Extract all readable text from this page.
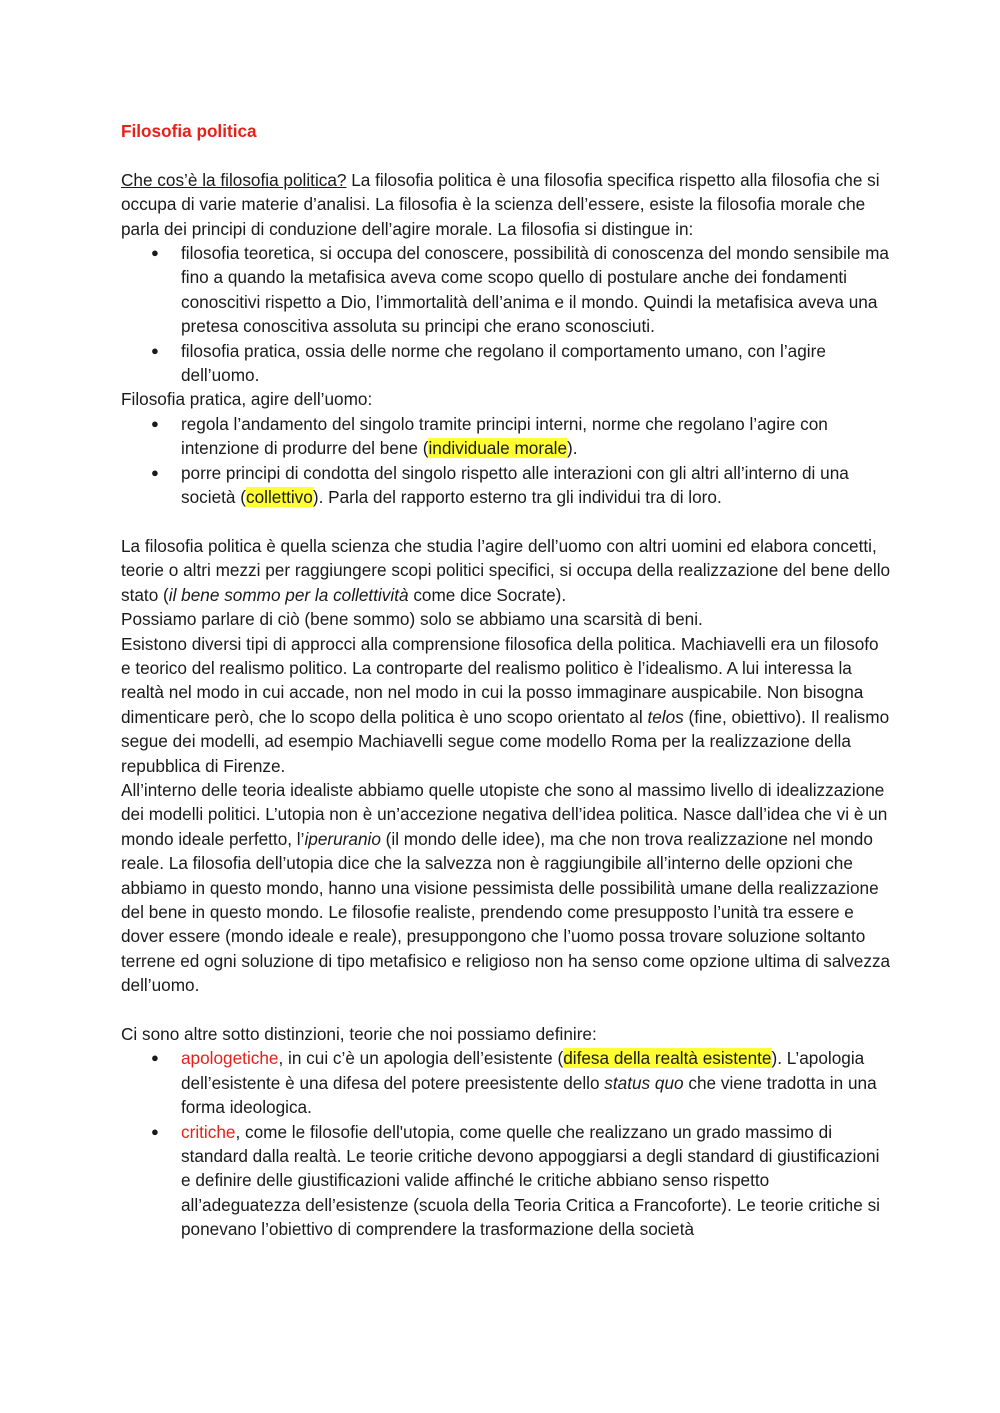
Filosofia politica

Che cos’è la filosofia politica? La filosofia politica è una filosofia specifica rispetto alla filosofia che si occupa di varie materie d’analisi. La filosofia è la scienza dell’essere, esiste la filosofia morale che parla dei principi di conduzione dell’agire morale. La filosofia si distingue in:

● filosofia teoretica, si occupa del conoscere, possibilità di conoscenza del mondo sensibile ma fino a quando la metafisica aveva come scopo quello di postulare anche dei fondamenti conoscitivi rispetto a Dio, l’immortalità dell’anima e il mondo. Quindi la metafisica aveva una pretesa conoscitiva assoluta su principi che erano sconosciuti.
● filosofia pratica, ossia delle norme che regolano il comportamento umano, con l’agire dell’uomo.

Filosofia pratica, agire dell’uomo:

● regola l’andamento del singolo tramite principi interni, norme che regolano l’agire con intenzione di produrre del bene (individuale morale).
● porre principi di condotta del singolo rispetto alle interazioni con gli altri all’interno di una società (collettivo). Parla del rapporto esterno tra gli individui tra di loro.

La filosofia politica è quella scienza che studia l’agire dell’uomo con altri uomini ed elabora concetti, teorie o altri mezzi per raggiungere scopi politici specifici, si occupa della realizzazione del bene dello stato (il bene sommo per la collettività come dice Socrate).

Possiamo parlare di ciò (bene sommo) solo se abbiamo una scarsità di beni.

Esistono diversi tipi di approcci alla comprensione filosofica della politica. Machiavelli era un filosofo e teorico del realismo politico. La controparte del realismo politico è l’idealismo. A lui interessa la realtà nel modo in cui accade, non nel modo in cui la posso immaginare auspicabile. Non bisogna dimenticare però, che lo scopo della politica è uno scopo orientato al telos (fine, obiettivo). Il realismo segue dei modelli, ad esempio Machiavelli segue come modello Roma per la realizzazione della repubblica di Firenze.

All’interno delle teoria idealiste abbiamo quelle utopiste che sono al massimo livello di idealizzazione dei modelli politici. L’utopia non è un’accezione negativa dell’idea politica. Nasce dall’idea che vi è un mondo ideale perfetto, l’iperuranio (il mondo delle idee), ma che non trova realizzazione nel mondo reale. La filosofia dell’utopia dice che la salvezza non è raggiungibile all’interno delle opzioni che abbiamo in questo mondo, hanno una visione pessimista delle possibilità umane della realizzazione del bene in questo mondo. Le filosofie realiste, prendendo come presupposto l’unità tra essere e dover essere (mondo ideale e reale), presuppongono che l’uomo possa trovare soluzione soltanto terrene ed ogni soluzione di tipo metafisico e religioso non ha senso come opzione ultima di salvezza dell’uomo.

Ci sono altre sotto distinzioni, teorie che noi possiamo definire:

● apologetiche, in cui c’è un apologia dell’esistente (difesa della realtà esistente). L’apologia dell’esistente è una difesa del potere preesistente dello status quo che viene tradotta in una forma ideologica.
● critiche, come le filosofie dell'utopia, come quelle che realizzano un grado massimo di standard dalla realtà. Le teorie critiche devono appoggiarsi a degli standard di giustificazioni e definire delle giustificazioni valide affinché le critiche abbiano senso rispetto all’adeguatezza dell’esistenze (scuola della Teoria Critica a Francoforte). Le teorie critiche si ponevano l’obiettivo di comprendere la trasformazione della società
